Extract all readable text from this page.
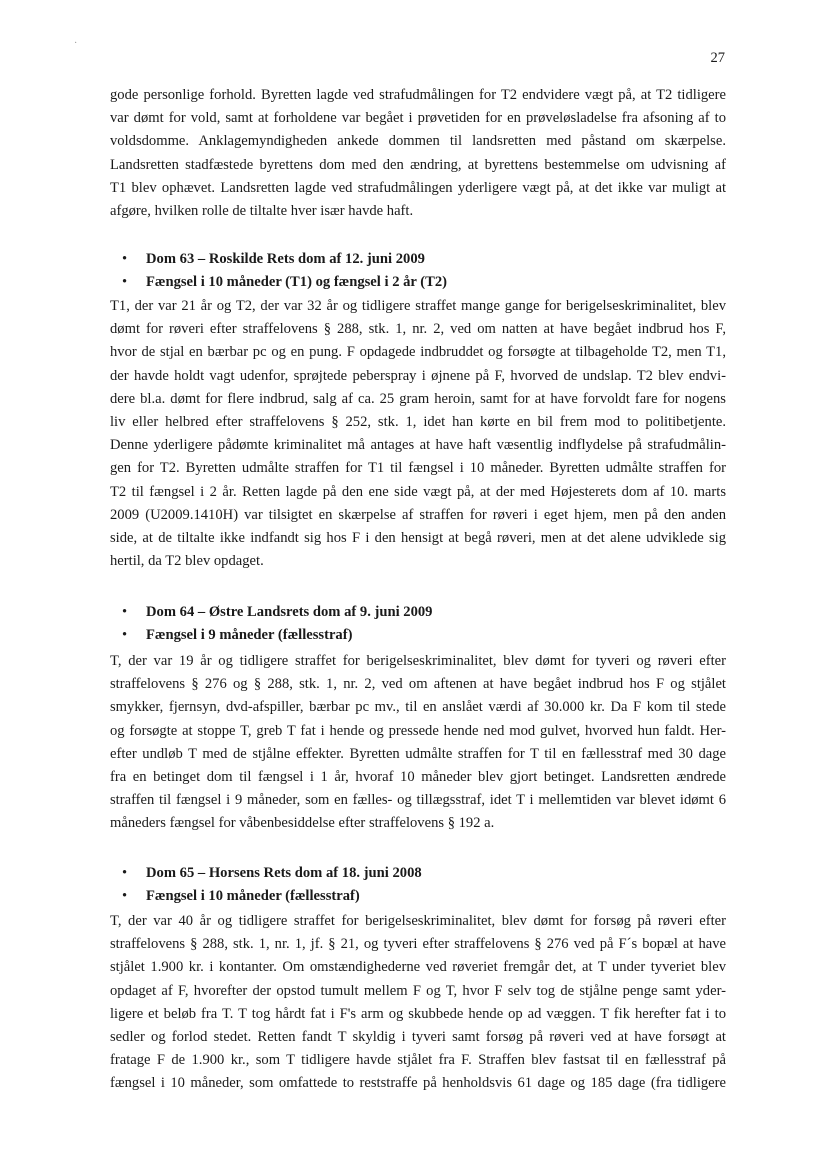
·
27
gode personlige forhold. Byretten lagde ved strafudmålingen for T2 endvidere vægt på, at T2 tidligere
var dømt for vold, samt at forholdene var begået i prøvetiden for en prøveløsladelse fra afsoning af to
voldsdomme. Anklagemyndigheden ankede dommen til landsretten med påstand om skærpelse.
Landsretten stadfæstede byrettens dom med den ændring, at byrettens bestemmelse om udvisning af
T1 blev ophævet. Landsretten lagde ved strafudmålingen yderligere vægt på, at det ikke var muligt at
afgøre, hvilken rolle de tiltalte hver især havde haft.
• Dom 63 – Roskilde Rets dom af 12. juni 2009
• Fængsel i 10 måneder (T1) og fængsel i 2 år (T2)
T1, der var 21 år og T2, der var 32 år og tidligere straffet mange gange for berigelseskriminalitet, blev
dømt for røveri efter straffelovens § 288, stk. 1, nr. 2, ved om natten at have begået indbrud hos F,
hvor de stjal en bærbar pc og en pung. F opdagede indbruddet og forsøgte at tilbageholde T2, men T1,
der havde holdt vagt udenfor, sprøjtede peberspray i øjnene på F, hvorved de undslap. T2 blev endvi-
dere bl.a. dømt for flere indbrud, salg af ca. 25 gram heroin, samt for at have forvoldt fare for nogens
liv eller helbred efter straffelovens § 252, stk. 1, idet han kørte en bil frem mod to politibetjente.
Denne yderligere pådømte kriminalitet må antages at have haft væsentlig indflydelse på strafudmålin-
gen for T2. Byretten udmålte straffen for T1 til fængsel i 10 måneder. Byretten udmålte straffen for
T2 til fængsel i 2 år. Retten lagde på den ene side vægt på, at der med Højesterets dom af 10. marts
2009 (U2009.1410H) var tilsigtet en skærpelse af straffen for røveri i eget hjem, men på den anden
side, at de tiltalte ikke indfandt sig hos F i den hensigt at begå røveri, men at det alene udviklede sig
hertil, da T2 blev opdaget.
• Dom 64 – Østre Landsrets dom af 9. juni 2009
• Fængsel i 9 måneder (fællesstraf)
T, der var 19 år og tidligere straffet for berigelseskriminalitet, blev dømt for tyveri og røveri efter
straffelovens § 276 og § 288, stk. 1, nr. 2, ved om aftenen at have begået indbrud hos F og stjålet
smykker, fjernsyn, dvd-afspiller, bærbar pc mv., til en anslået værdi af 30.000 kr. Da F kom til stede
og forsøgte at stoppe T, greb T fat i hende og pressede hende ned mod gulvet, hvorved hun faldt. Her-
efter undløb T med de stjålne effekter. Byretten udmålte straffen for T til en fællesstraf med 30 dage
fra en betinget dom til fængsel i 1 år, hvoraf 10 måneder blev gjort betinget. Landsretten ændrede
straffen til fængsel i 9 måneder, som en fælles- og tillægsstraf, idet T i mellemtiden var blevet idømt 6
måneders fængsel for våbenbesiddelse efter straffelovens § 192 a.
• Dom 65 – Horsens Rets dom af 18. juni 2008
• Fængsel i 10 måneder (fællesstraf)
T, der var 40 år og tidligere straffet for berigelseskriminalitet, blev dømt for forsøg på røveri efter
straffelovens § 288, stk. 1, nr. 1, jf. § 21, og tyveri efter straffelovens § 276 ved på F´s bopæl at have
stjålet 1.900 kr. i kontanter. Om omstændighederne ved røveriet fremgår det, at T under tyveriet blev
opdaget af F, hvorefter der opstod tumult mellem F og T, hvor F selv tog de stjålne penge samt yder-
ligere et beløb fra T. T tog hårdt fat i F's arm og skubbede hende op ad væggen. T fik herefter fat i to
sedler og forlod stedet. Retten fandt T skyldig i tyveri samt forsøg på røveri ved at have forsøgt at
fratage F de 1.900 kr., som T tidligere havde stjålet fra F. Straffen blev fastsat til en fællesstraf på
fængsel i 10 måneder, som omfattede to reststraffe på henholdsvis 61 dage og 185 dage (fra tidligere
